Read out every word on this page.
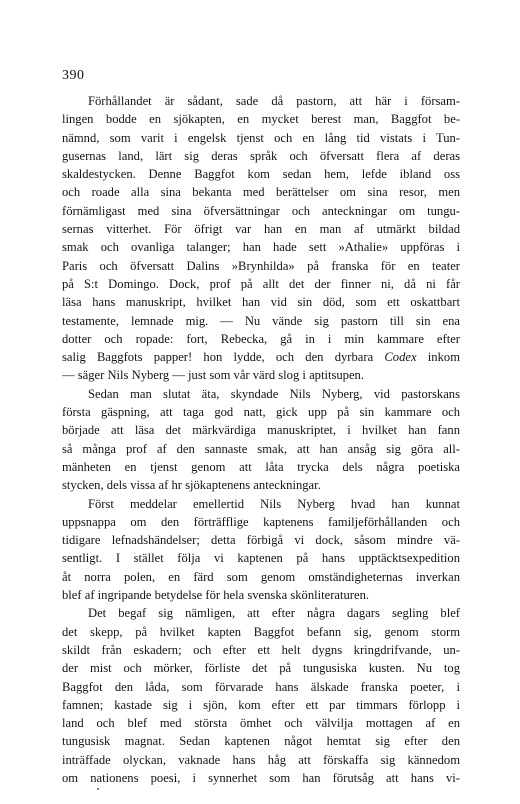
390
Förhållandet är sådant, sade då pastorn, att här i försam-
lingen bodde en sjökapten, en mycket berest man, Baggfot be-
nämnd, som varit i engelsk tjenst och en lång tid vistats i Tun-
gusernas land, lärt sig deras språk och öfversatt flera af deras
skaldestycken. Denne Baggfot kom sedan hem, lefde ibland oss
och roade alla sina bekanta med berättelser om sina resor, men
förnämligast med sina öfversättningar och anteckningar om tungu-
sernas vitterhet. För öfrigt var han en man af utmärkt bildad
smak och ovanliga talanger; han hade sett »Athalie» uppföras i
Paris och öfversatt Dalins »Brynhilda» på franska för en teater
på S:t Domingo. Dock, prof på allt det der finner ni, då ni får
läsa hans manuskript, hvilket han vid sin död, som ett oskattbart
testamente, lemnade mig. — Nu vände sig pastorn till sin ena
dotter och ropade: fort, Rebecka, gå in i min kammare efter
salig Baggfots papper! hon lydde, och den dyrbara Codex inkom
— säger Nils Nyberg — just som vår värd slog i aptitsupen.
Sedan man slutat äta, skyndade Nils Nyberg, vid pastorskans
första gäspning, att taga god natt, gick upp på sin kammare och
började att läsa det märkvärdiga manuskriptet, i hvilket han fann
så många prof af den sannaste smak, att han ansåg sig göra all-
mänheten en tjenst genom att låta trycka dels några poetiska
stycken, dels vissa af hr sjökaptenens anteckningar.
Först meddelar emellertid Nils Nyberg hvad han kunnat
uppsnappa om den förträfflige kaptenens familjeförhållanden och
tidigare lefnadshändelser; detta förbigå vi dock, såsom mindre vä-
sentligt. I stället följa vi kaptenen på hans upptäcktsexpedition
åt norra polen, en färd som genom omständigheternas inverkan
blef af ingripande betydelse för hela svenska skönliteraturen.
Det begaf sig nämligen, att efter några dagars segling blef
det skepp, på hvilket kapten Baggfot befann sig, genom storm
skildt från eskadern; och efter ett helt dygns kringdrifvande, un-
der mist och mörker, förliste det på tungusiska kusten. Nu tog
Baggfot den låda, som förvarade hans älskade franska poeter, i
famnen; kastade sig i sjön, kom efter ett par timmars förlopp i
land och blef med största ömhet och välvilja mottagen af en
tungusisk magnat. Sedan kaptenen något hemtat sig efter den
inträffade olyckan, vaknade hans håg att förskaffa sig kännedom
om nationens poesi, i synnerhet som han förutsåg att hans vi-
